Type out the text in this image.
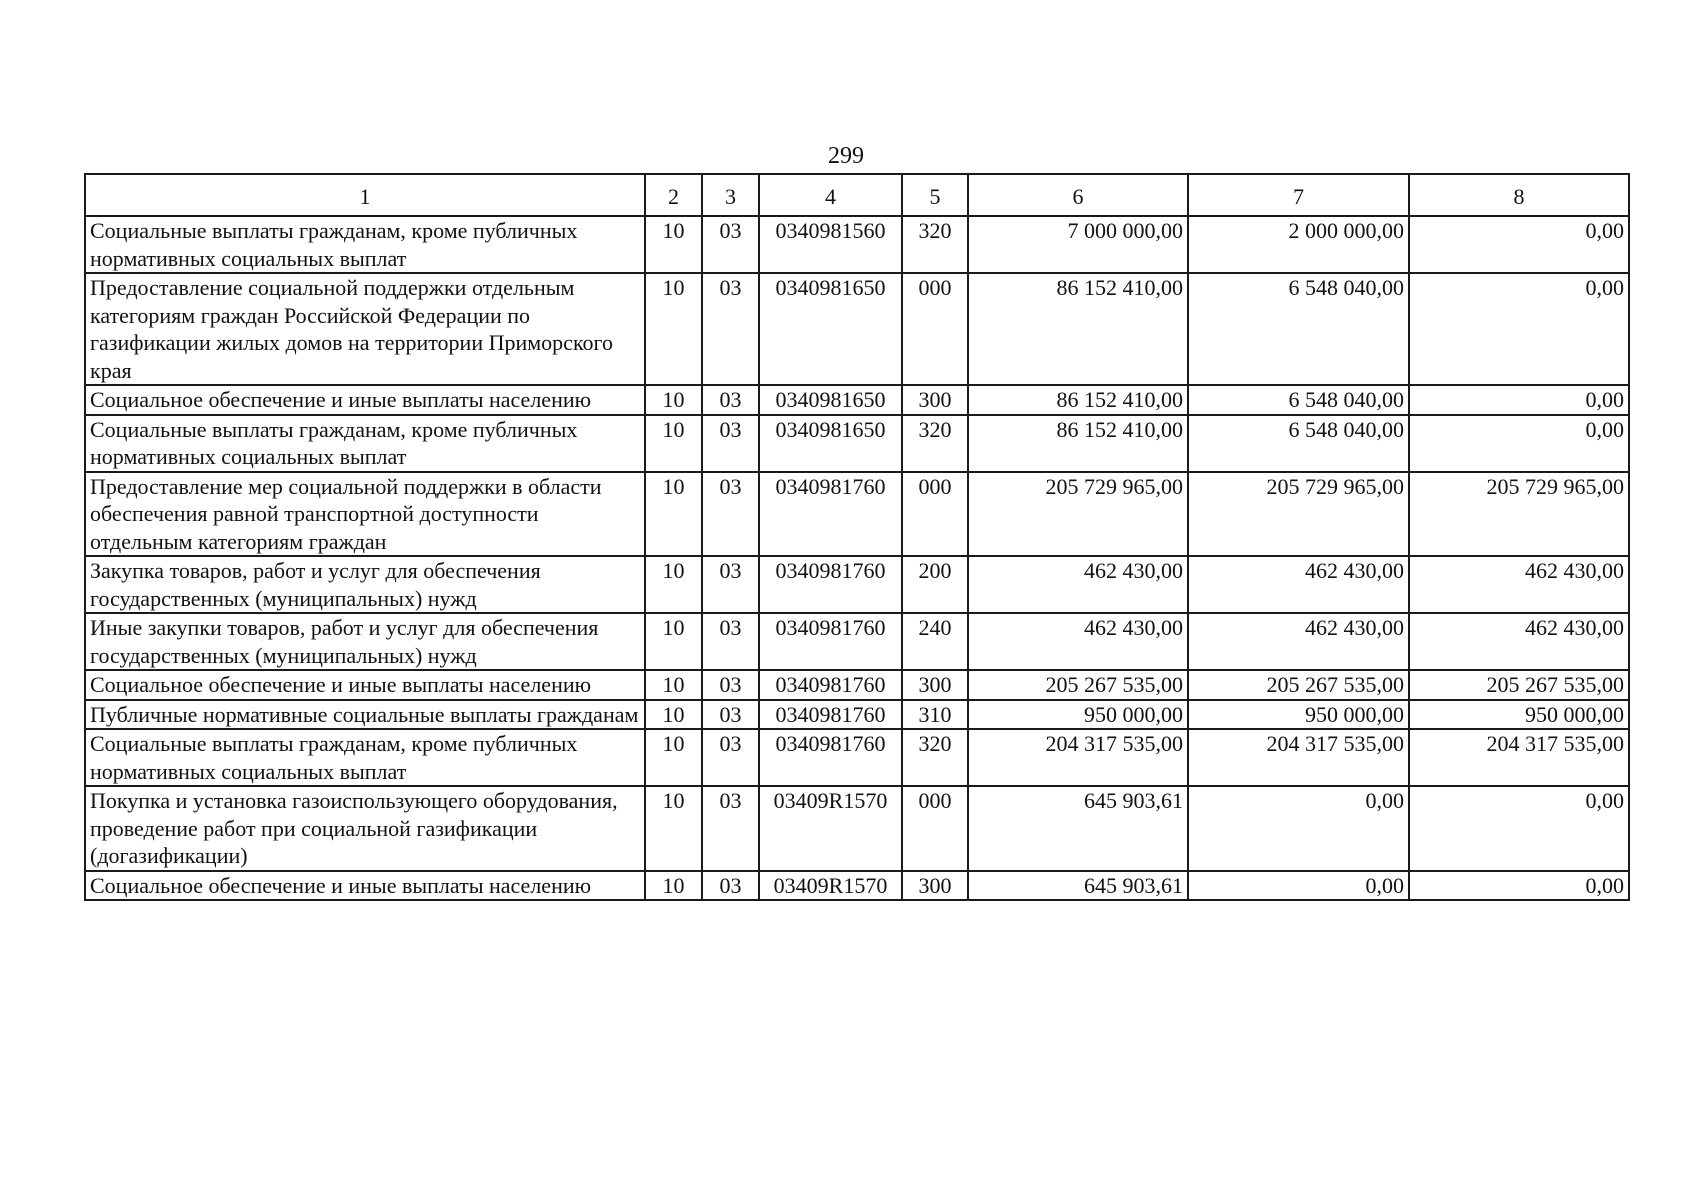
299
1	2	3	4	5	6	7	8
Социальные выплаты гражданам, кроме публичных нормативных социальных выплат	10	03	0340981560	320	7 000 000,00	2 000 000,00	0,00
Предоставление социальной поддержки отдельным категориям граждан Российской Федерации по газификации жилых домов на территории Приморского края	10	03	0340981650	000	86 152 410,00	6 548 040,00	0,00
Социальное обеспечение и иные выплаты населению	10	03	0340981650	300	86 152 410,00	6 548 040,00	0,00
Социальные выплаты гражданам, кроме публичных нормативных социальных выплат	10	03	0340981650	320	86 152 410,00	6 548 040,00	0,00
Предоставление мер социальной поддержки в области обеспечения равной транспортной доступности отдельным категориям граждан	10	03	0340981760	000	205 729 965,00	205 729 965,00	205 729 965,00
Закупка товаров, работ и услуг для обеспечения государственных (муниципальных) нужд	10	03	0340981760	200	462 430,00	462 430,00	462 430,00
Иные закупки товаров, работ и услуг для обеспечения государственных (муниципальных) нужд	10	03	0340981760	240	462 430,00	462 430,00	462 430,00
Социальное обеспечение и иные выплаты населению	10	03	0340981760	300	205 267 535,00	205 267 535,00	205 267 535,00
Публичные нормативные социальные выплаты гражданам	10	03	0340981760	310	950 000,00	950 000,00	950 000,00
Социальные выплаты гражданам, кроме публичных нормативных социальных выплат	10	03	0340981760	320	204 317 535,00	204 317 535,00	204 317 535,00
Покупка и установка газоиспользующего оборудования, проведение работ при социальной газификации (догазификации)	10	03	03409R1570	000	645 903,61	0,00	0,00
Социальное обеспечение и иные выплаты населению	10	03	03409R1570	300	645 903,61	0,00	0,00
